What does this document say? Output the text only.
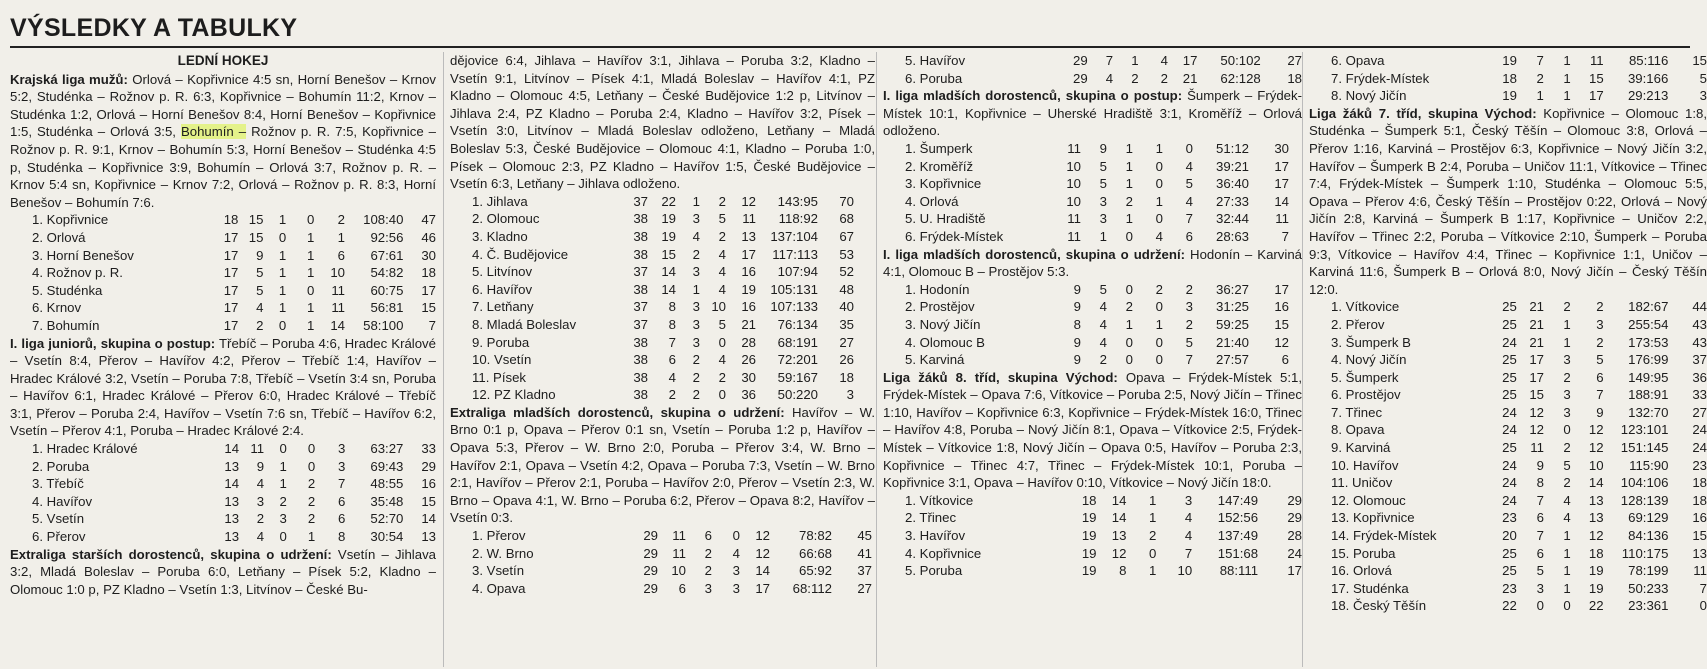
VÝSLEDKY A TABULKY
LEDNÍ HOKEJ

Krajská liga mužů: Orlová – Kopřivnice 4:5 sn, Horní Benešov – Krnov 5:2, Studénka – Rožnov p. R. 6:3, Kopřivnice – Bohumín 11:2, Krnov – Studénka 1:2, Orlová – Horní Benešov 8:4, Horní Benešov – Kopřivnice 1:5, Studénka – Orlová 3:5, Bohumín – Rožnov p. R. 7:5, Kopřivnice – Rožnov p. R. 9:1, Krnov – Bohumín 5:3, Horní Benešov – Studénka 4:5 p, Studénka – Kopřivnice 3:9, Bohumín – Orlová 3:7, Rožnov p. R. – Krnov 5:4 sn, Kopřivnice – Krnov 7:2, Orlová – Rožnov p. R. 8:3, Horní Benešov – Bohumín 7:6.

1. Kopřivnice	18	15	1	0	2	108:40	47
2. Orlová	17	15	0	1	1	92:56	46
3. Horní Benešov	17	9	1	1	6	67:61	30
4. Rožnov p. R.	17	5	1	1	10	54:82	18
5. Studénka	17	5	1	0	11	60:75	17
6. Krnov	17	4	1	1	11	56:81	15
7. Bohumín	17	2	0	1	14	58:100	7

I. liga juniorů, skupina o postup: Třebíč – Poruba 4:6, Hradec Králové – Vsetín 8:4, Přerov – Havířov 4:2, Přerov – Třebíč 1:4, Havířov – Hradec Králové 3:2, Vsetín – Poruba 7:8, Třebíč – Vsetín 3:4 sn, Poruba – Havířov 6:1, Hradec Králové – Přerov 6:0, Hradec Králové – Třebíč 3:1, Přerov – Poruba 2:4, Havířov – Vsetín 7:6 sn, Třebíč – Havířov 6:2, Vsetín – Přerov 4:1, Poruba – Hradec Králové 2:4.

1. Hradec Králové	14	11	0	0	3	63:27	33
2. Poruba	13	9	1	0	3	69:43	29
3. Třebíč	14	4	1	2	7	48:55	16
4. Havířov	13	3	2	2	6	35:48	15
5. Vsetín	13	2	3	2	6	52:70	14
6. Přerov	13	4	0	1	8	30:54	13

Extraliga starších dorostenců, skupina o udržení: Vsetín – Jihlava 3:2, Mladá Boleslav – Poruba 6:0, Letňany – Písek 5:2, Kladno – Olomouc 1:0 p, PZ Kladno – Vsetín 1:3, Litvínov – České Bu-

dějovice 6:4, Jihlava – Havířov 3:1, Jihlava – Poruba 3:2, Kladno – Vsetín 9:1, Litvínov – Písek 4:1, Mladá Boleslav – Havířov 4:1, PZ Kladno – Olomouc 4:5, Letňany – České Budějovice 1:2 p, Litvínov – Jihlava 2:4, PZ Kladno – Poruba 2:4, Kladno – Havířov 3:2, Písek – Vsetín 3:0, Litvínov – Mladá Boleslav odloženo, Letňany – Mladá Boleslav 5:3, České Budějovice – Olomouc 4:1, Kladno – Poruba 1:0, Písek – Olomouc 2:3, PZ Kladno – Havířov 1:5, České Budějovice – Vsetín 6:3, Letňany – Jihlava odloženo.

1. Jihlava	37	22	1	2	12	143:95	70
2. Olomouc	38	19	3	5	11	118:92	68
3. Kladno	38	19	4	2	13	137:104	67
4. Č. Budějovice	38	15	2	4	17	117:113	53
5. Litvínov	37	14	3	4	16	107:94	52
6. Havířov	38	14	1	4	19	105:131	48
7. Letňany	37	8	3	10	16	107:133	40
8. Mladá Boleslav	37	8	3	5	21	76:134	35
9. Poruba	38	7	3	0	28	68:191	27
10. Vsetín	38	6	2	4	26	72:201	26
11. Písek	38	4	2	2	30	59:167	18
12. PZ Kladno	38	2	2	0	36	50:220	3

Extraliga mladších dorostenců, skupina o udržení: Havířov – W. Brno 0:1 p, Opava – Přerov 0:1 sn, Vsetín – Poruba 1:2 p, Havířov – Opava 5:3, Přerov – W. Brno 2:0, Poruba – Přerov 3:4, W. Brno – Havířov 2:1, Opava – Vsetín 4:2, Opava – Poruba 7:3, Vsetín – W. Brno 2:1, Havířov – Přerov 2:1, Poruba – Havířov 2:0, Přerov – Vsetín 2:3, W. Brno – Opava 4:1, W. Brno – Poruba 6:2, Přerov – Opava 8:2, Havířov – Vsetín 0:3.

1. Přerov	29	11	6	0	12	78:82	45
2. W. Brno	29	11	2	4	12	66:68	41
3. Vsetín	29	10	2	3	14	65:92	37
4. Opava	29	6	3	3	17	68:112	27
5. Havířov	29	7	1	4	17	50:102	27
6. Poruba	29	4	2	2	21	62:128	18

I. liga mladších dorostenců, skupina o postup: Šumperk – Frýdek-Místek 10:1, Kopřivnice – Uherské Hradiště 3:1, Kroměříž – Orlová odloženo.

1. Šumperk	11	9	1	1	0	51:12	30
2. Kroměříž	10	5	1	0	4	39:21	17
3. Kopřivnice	10	5	1	0	5	36:40	17
4. Orlová	10	3	2	1	4	27:33	14
5. U. Hradiště	11	3	1	0	7	32:44	11
6. Frýdek-Místek	11	1	0	4	6	28:63	7

I. liga mladších dorostenců, skupina o udržení: Hodonín – Karviná 4:1, Olomouc B – Prostějov 5:3.

1. Hodonín	9	5	0	2	2	36:27	17
2. Prostějov	9	4	2	0	3	31:25	16
3. Nový Jičín	8	4	1	1	2	59:25	15
4. Olomouc B	9	4	0	0	5	21:40	12
5. Karviná	9	2	0	0	7	27:57	6

Liga žáků 8. tříd, skupina Východ: Opava – Frýdek-Místek 5:1, Frýdek-Místek – Opava 7:6, Vítkovice – Poruba 2:5, Nový Jičín – Třinec 1:10, Havířov – Kopřivnice 6:3, Kopřivnice – Frýdek-Místek 16:0, Třinec – Havířov 4:8, Poruba – Nový Jičín 8:1, Opava – Vítkovice 2:5, Frýdek-Místek – Vítkovice 1:8, Nový Jičín – Opava 0:5, Havířov – Poruba 2:3, Kopřivnice – Třinec 4:7, Třinec – Frýdek-Místek 10:1, Poruba – Kopřivnice 3:1, Opava – Havířov 0:10, Vítkovice – Nový Jičín 18:0.

1. Vítkovice	18	14	1	3	147:49	29
2. Třinec	19	14	1	4	152:56	29
3. Havířov	19	13	2	4	137:49	28
4. Kopřivnice	19	12	0	7	151:68	24
5. Poruba	19	8	1	10	88:111	17
6. Opava	19	7	1	11	85:116	15
7. Frýdek-Místek	18	2	1	15	39:166	5
8. Nový Jičín	19	1	1	17	29:213	3

Liga žáků 7. tříd, skupina Východ: Kopřivnice – Olomouc 1:8, Studénka – Šumperk 5:1, Český Těšín – Olomouc 3:8, Orlová – Přerov 1:16, Karviná – Prostějov 6:3, Kopřivnice – Nový Jičín 3:2, Havířov – Šumperk B 2:4, Poruba – Uničov 11:1, Vítkovice – Třinec 7:4, Frýdek-Místek – Šumperk 1:10, Studénka – Olomouc 5:5, Opava – Přerov 4:6, Český Těšín – Prostějov 0:22, Orlová – Nový Jičín 2:8, Karviná – Šumperk B 1:17, Kopřivnice – Uničov 2:2, Havířov – Třinec 2:2, Poruba – Vítkovice 2:10, Šumperk – Poruba 9:3, Vítkovice – Havířov 4:4, Třinec – Kopřivnice 1:1, Uničov – Karviná 11:6, Šumperk B – Orlová 8:0, Nový Jičín – Český Těšín 12:0.

1. Vítkovice	25	21	2	2	182:67	44
2. Přerov	25	21	1	3	255:54	43
3. Šumperk B	24	21	1	2	173:53	43
4. Nový Jičín	25	17	3	5	176:99	37
5. Šumperk	25	17	2	6	149:95	36
6. Prostějov	25	15	3	7	188:91	33
7. Třinec	24	12	3	9	132:70	27
8. Opava	24	12	0	12	123:101	24
9. Karviná	25	11	2	12	151:145	24
10. Havířov	24	9	5	10	115:90	23
11. Uničov	24	8	2	14	104:106	18
12. Olomouc	24	7	4	13	128:139	18
13. Kopřivnice	23	6	4	13	69:129	16
14. Frýdek-Místek	20	7	1	12	84:136	15
15. Poruba	25	6	1	18	110:175	13
16. Orlová	25	5	1	19	78:199	11
17. Studénka	23	3	1	19	50:233	7
18. Český Těšín	22	0	0	22	23:361	0
